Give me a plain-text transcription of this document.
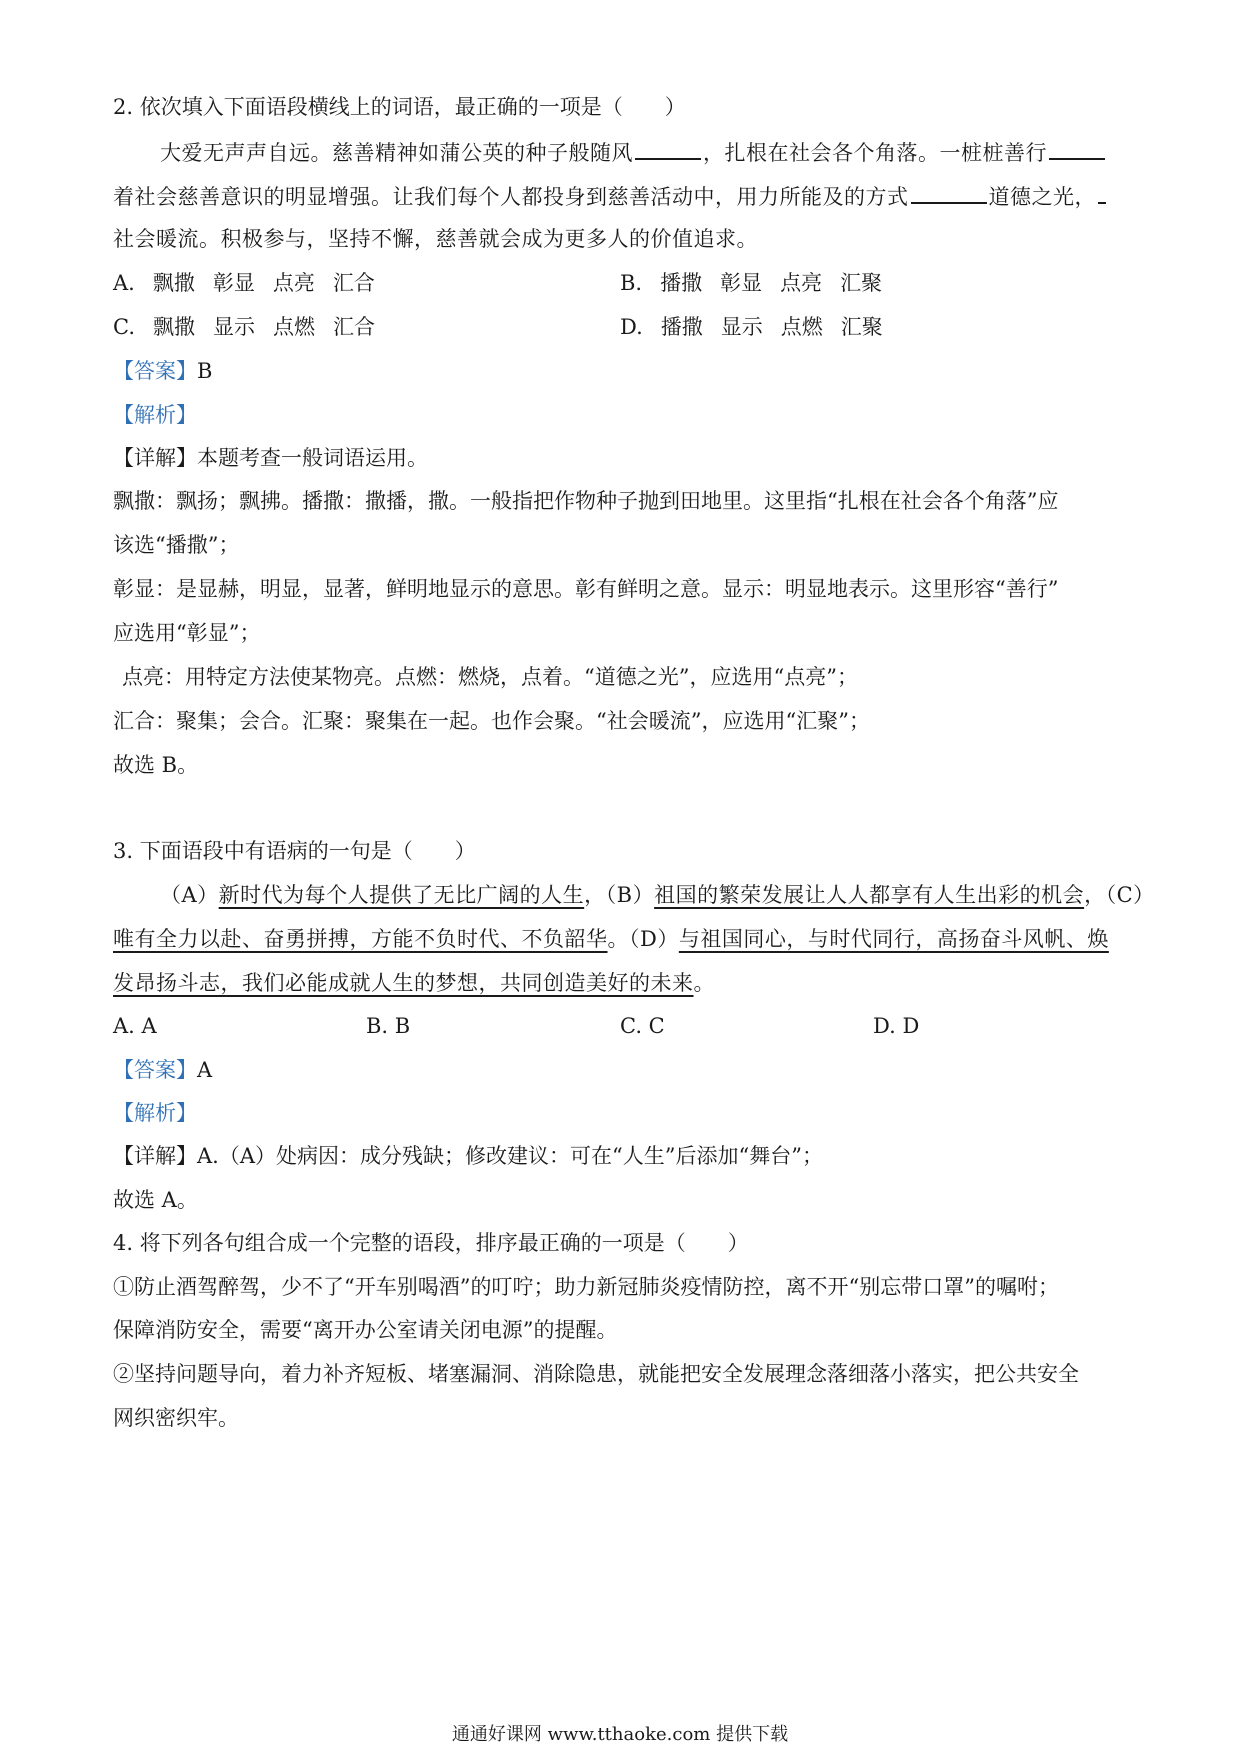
2. 依次填入下面语段横线上的词语，最正确的一项是（　　）
大爱无声声自远。慈善精神如蒲公英的种子般随风	，扎根在社会各个角落。一桩桩善行
着社会慈善意识的明显增强。让我们每个人都投身到慈善活动中，用力所能及的方式	道德之光，
社会暖流。积极参与，坚持不懈，慈善就会成为更多人的价值追求。
A. 飘撒 彰显 点亮 汇合	B. 播撒 彰显 点亮 汇聚
C. 飘撒 显示 点燃 汇合	D. 播撒 显示 点燃 汇聚
【答案】B
【解析】
【详解】本题考查一般词语运用。
飘撒：飘扬；飘拂。播撒：撒播，撒。一般指把作物种子抛到田地里。这里指“扎根在社会各个角落”应
该选“播撒”；
彰显：是显赫，明显，显著，鲜明地显示的意思。彰有鲜明之意。显示：明显地表示。这里形容“善行”
应选用“彰显”；
点亮：用特定方法使某物亮。点燃：燃烧，点着。“道德之光”，应选用“点亮”；
汇合：聚集；会合。汇聚：聚集在一起。也作会聚。“社会暖流”，应选用“汇聚”；
故选 B。
3. 下面语段中有语病的一句是（　　）
（A）新时代为每个人提供了无比广阔的人生，（B）祖国的繁荣发展让人人都享有人生出彩的机会，（C）
唯有全力以赴、奋勇拼搏，方能不负时代、不负韶华。（D）与祖国同心，与时代同行，高扬奋斗风帆、焕
发昂扬斗志，我们必能成就人生的梦想，共同创造美好的未来。
A. A	B. B	C. C	D. D
【答案】A
【解析】
【详解】A.（A）处病因：成分残缺；修改建议：可在“人生”后添加“舞台”；
故选 A。
4. 将下列各句组合成一个完整的语段，排序最正确的一项是（　　）
①防止酒驾醉驾，少不了“开车别喝酒”的叮咛；助力新冠肺炎疫情防控，离不开“别忘带口罩”的嘱咐；
保障消防安全，需要“离开办公室请关闭电源”的提醒。
②坚持问题导向，着力补齐短板、堵塞漏洞、消除隐患，就能把安全发展理念落细落小落实，把公共安全
网织密织牢。
通通好课网 www.tthaoke.com 提供下载
